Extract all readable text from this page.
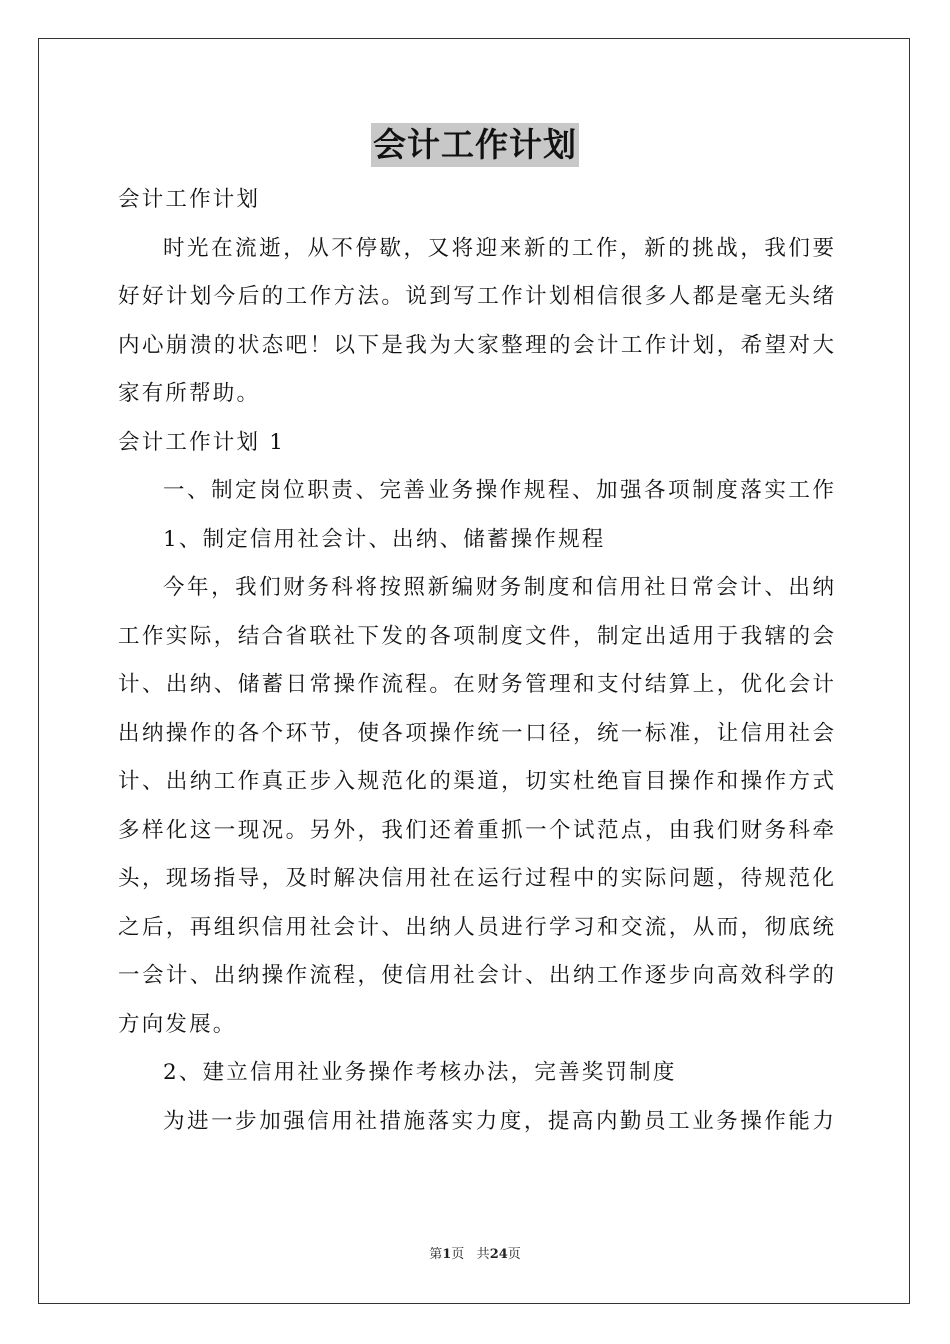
会计工作计划
会计工作计划
时光在流逝，从不停歇，又将迎来新的工作，新的挑战，我们要
好好计划今后的工作方法。说到写工作计划相信很多人都是毫无头绪
内心崩溃的状态吧！以下是我为大家整理的会计工作计划，希望对大
家有所帮助。
会计工作计划 1
一、制定岗位职责、完善业务操作规程、加强各项制度落实工作
1、制定信用社会计、出纳、储蓄操作规程
今年，我们财务科将按照新编财务制度和信用社日常会计、出纳
工作实际，结合省联社下发的各项制度文件，制定出适用于我辖的会
计、出纳、储蓄日常操作流程。在财务管理和支付结算上，优化会计
出纳操作的各个环节，使各项操作统一口径，统一标准，让信用社会
计、出纳工作真正步入规范化的渠道，切实杜绝盲目操作和操作方式
多样化这一现况。另外，我们还着重抓一个试范点，由我们财务科牵
头，现场指导，及时解决信用社在运行过程中的实际问题，待规范化
之后，再组织信用社会计、出纳人员进行学习和交流，从而，彻底统
一会计、出纳操作流程，使信用社会计、出纳工作逐步向高效科学的
方向发展。
2、建立信用社业务操作考核办法，完善奖罚制度
为进一步加强信用社措施落实力度，提高内勤员工业务操作能力
第1页 共24页
